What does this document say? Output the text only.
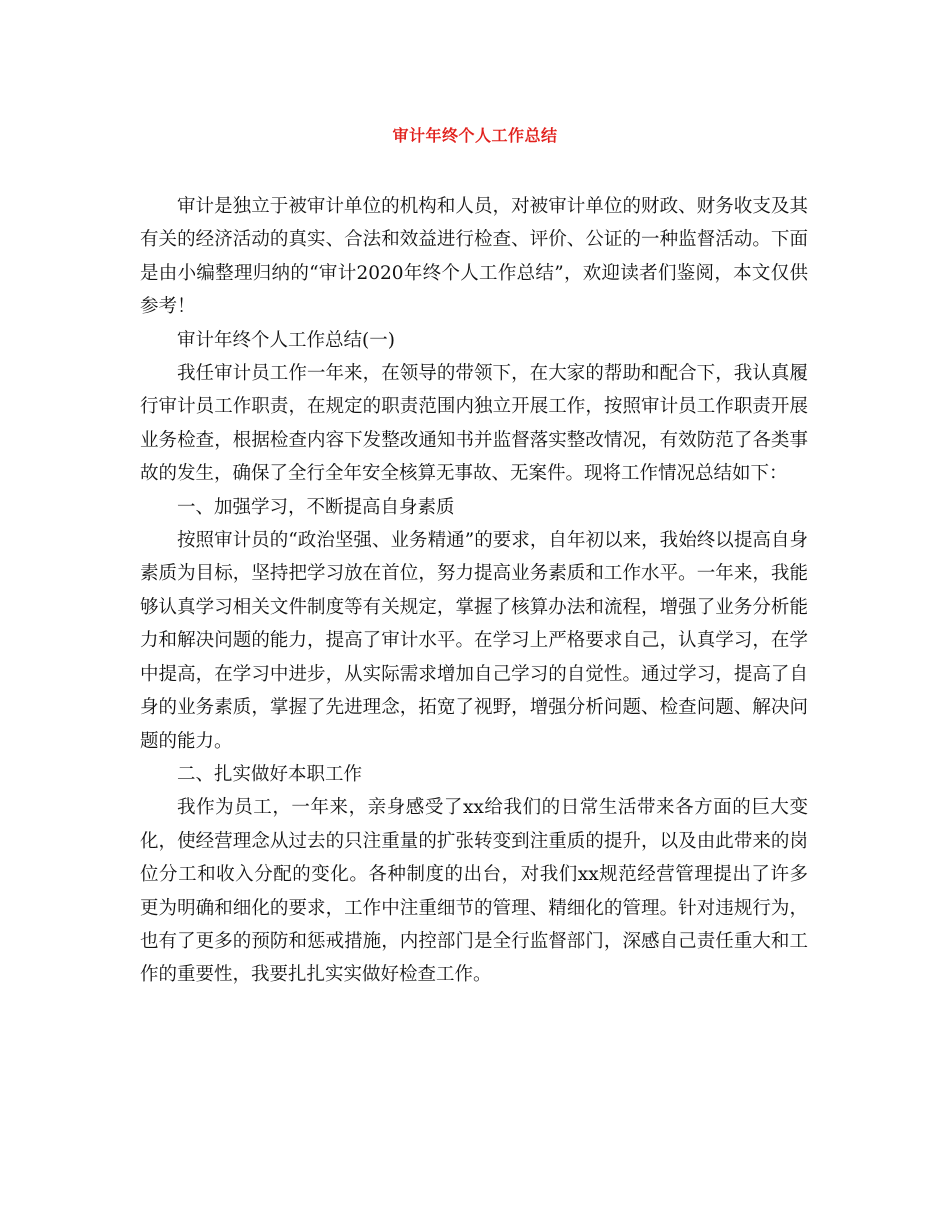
审计年终个人工作总结

审计是独立于被审计单位的机构和人员，对被审计单位的财政、财务收支及其有关的经济活动的真实、合法和效益进行检查、评价、公证的一种监督活动。下面是由小编整理归纳的“审计2020年终个人工作总结”，欢迎读者们鉴阅，本文仅供参考！

审计年终个人工作总结(一)

我任审计员工作一年来，在领导的带领下，在大家的帮助和配合下，我认真履行审计员工作职责，在规定的职责范围内独立开展工作，按照审计员工作职责开展业务检查，根据检查内容下发整改通知书并监督落实整改情况，有效防范了各类事故的发生，确保了全行全年安全核算无事故、无案件。现将工作情况总结如下：

一、加强学习，不断提高自身素质

按照审计员的“政治坚强、业务精通”的要求，自年初以来，我始终以提高自身素质为目标，坚持把学习放在首位，努力提高业务素质和工作水平。一年来，我能够认真学习相关文件制度等有关规定，掌握了核算办法和流程，增强了业务分析能力和解决问题的能力，提高了审计水平。在学习上严格要求自己，认真学习，在学中提高，在学习中进步，从实际需求增加自己学习的自觉性。通过学习，提高了自身的业务素质，掌握了先进理念，拓宽了视野，增强分析问题、检查问题、解决问题的能力。

二、扎实做好本职工作

我作为员工，一年来，亲身感受了xx给我们的日常生活带来各方面的巨大变化，使经营理念从过去的只注重量的扩张转变到注重质的提升，以及由此带来的岗位分工和收入分配的变化。各种制度的出台，对我们xx规范经营管理提出了许多更为明确和细化的要求，工作中注重细节的管理、精细化的管理。针对违规行为，也有了更多的预防和惩戒措施，内控部门是全行监督部门，深感自己责任重大和工作的重要性，我要扎扎实实做好检查工作。
